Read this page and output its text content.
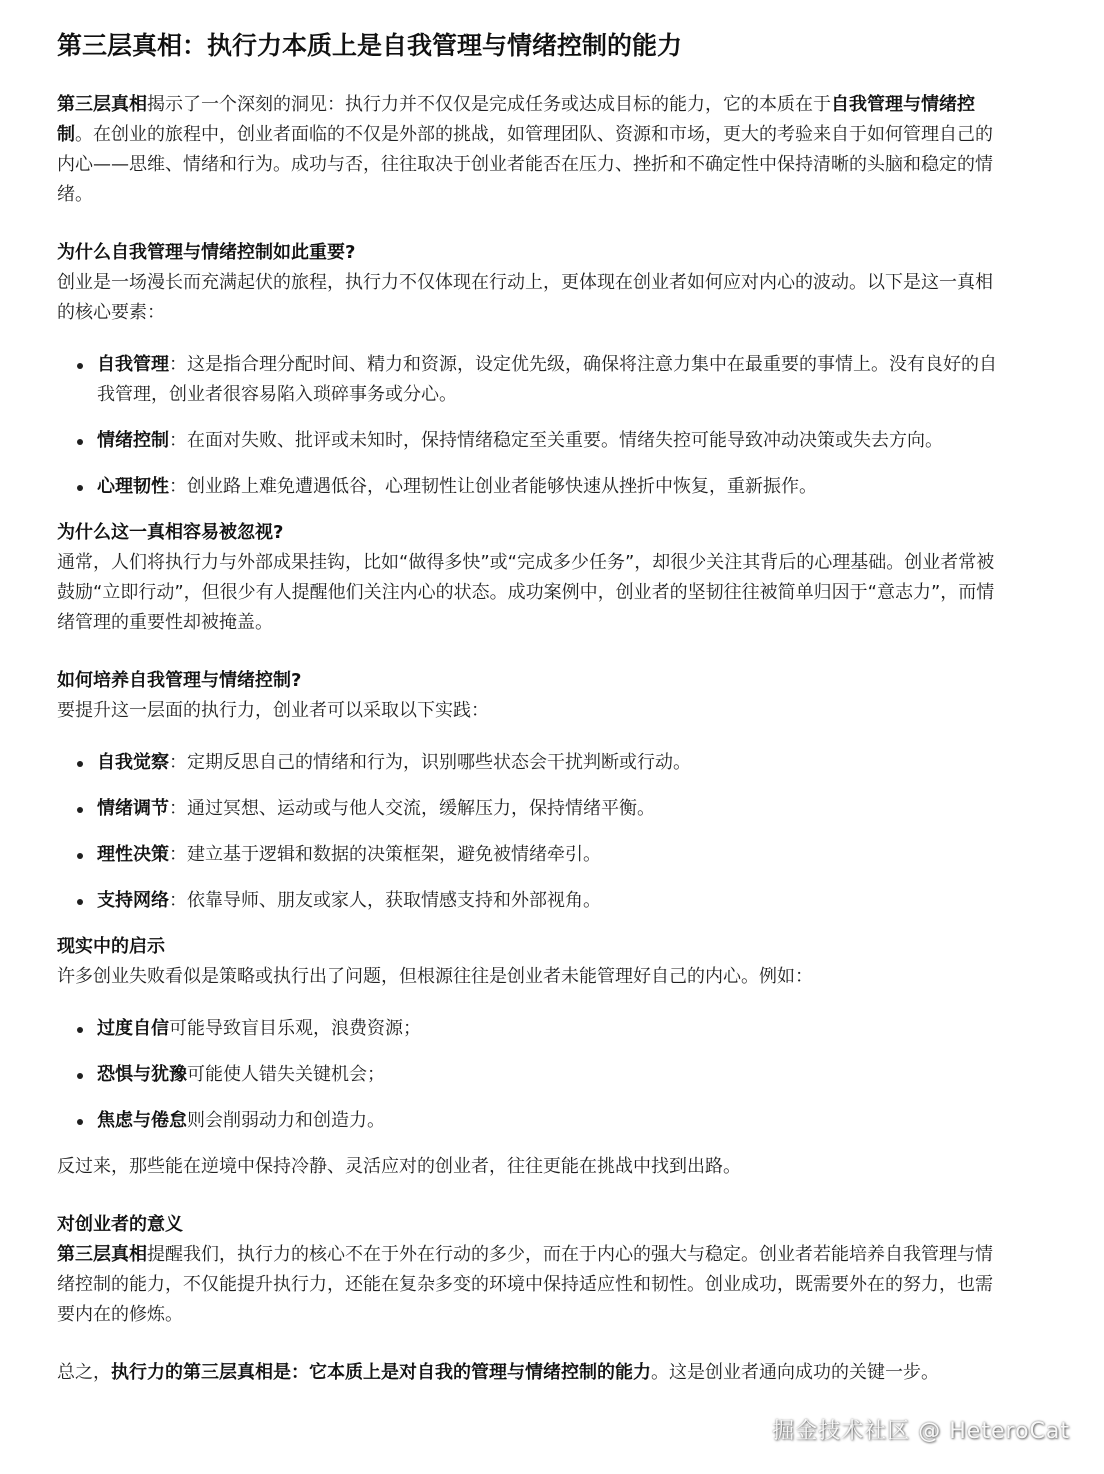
第三层真相：执行力本质上是自我管理与情绪控制的能力

第三层真相揭示了一个深刻的洞见：执行力并不仅仅是完成任务或达成目标的能力，它的本质在于自我管理与情绪控制。在创业的旅程中，创业者面临的不仅是外部的挑战，如管理团队、资源和市场，更大的考验来自于如何管理自己的内心——思维、情绪和行为。成功与否，往往取决于创业者能否在压力、挫折和不确定性中保持清晰的头脑和稳定的情绪。

为什么自我管理与情绪控制如此重要?

创业是一场漫长而充满起伏的旅程，执行力不仅体现在行动上，更体现在创业者如何应对内心的波动。以下是这一真相的核心要素：

自我管理：这是指合理分配时间、精力和资源，设定优先级，确保将注意力集中在最重要的事情上。没有良好的自我管理，创业者很容易陷入琐碎事务或分心。
情绪控制：在面对失败、批评或未知时，保持情绪稳定至关重要。情绪失控可能导致冲动决策或失去方向。
心理韧性：创业路上难免遭遇低谷，心理韧性让创业者能够快速从挫折中恢复，重新振作。
为什么这一真相容易被忽视?

通常，人们将执行力与外部成果挂钩，比如“做得多快”或“完成多少任务”，却很少关注其背后的心理基础。创业者常被鼓励“立即行动”，但很少有人提醒他们关注内心的状态。成功案例中，创业者的坚韧往往被简单归因于“意志力”，而情绪管理的重要性却被掩盖。

如何培养自我管理与情绪控制?

要提升这一层面的执行力，创业者可以采取以下实践：

自我觉察：定期反思自己的情绪和行为，识别哪些状态会干扰判断或行动。
情绪调节：通过冥想、运动或与他人交流，缓解压力，保持情绪平衡。
理性决策：建立基于逻辑和数据的决策框架，避免被情绪牵引。
支持网络：依靠导师、朋友或家人，获取情感支持和外部视角。
现实中的启示

许多创业失败看似是策略或执行出了问题，但根源往往是创业者未能管理好自己的内心。例如：

过度自信可能导致盲目乐观，浪费资源；
恐惧与犹豫可能使人错失关键机会；
焦虑与倦怠则会削弱动力和创造力。

反过来，那些能在逆境中保持冷静、灵活应对的创业者，往往更能在挑战中找到出路。

对创业者的意义

第三层真相提醒我们，执行力的核心不在于外在行动的多少，而在于内心的强大与稳定。创业者若能培养自我管理与情绪控制的能力，不仅能提升执行力，还能在复杂多变的环境中保持适应性和韧性。创业成功，既需要外在的努力，也需要内在的修炼。

总之，执行力的第三层真相是：它本质上是对自我的管理与情绪控制的能力。这是创业者通向成功的关键一步。

掘金技术社区 @ HeteroCat
